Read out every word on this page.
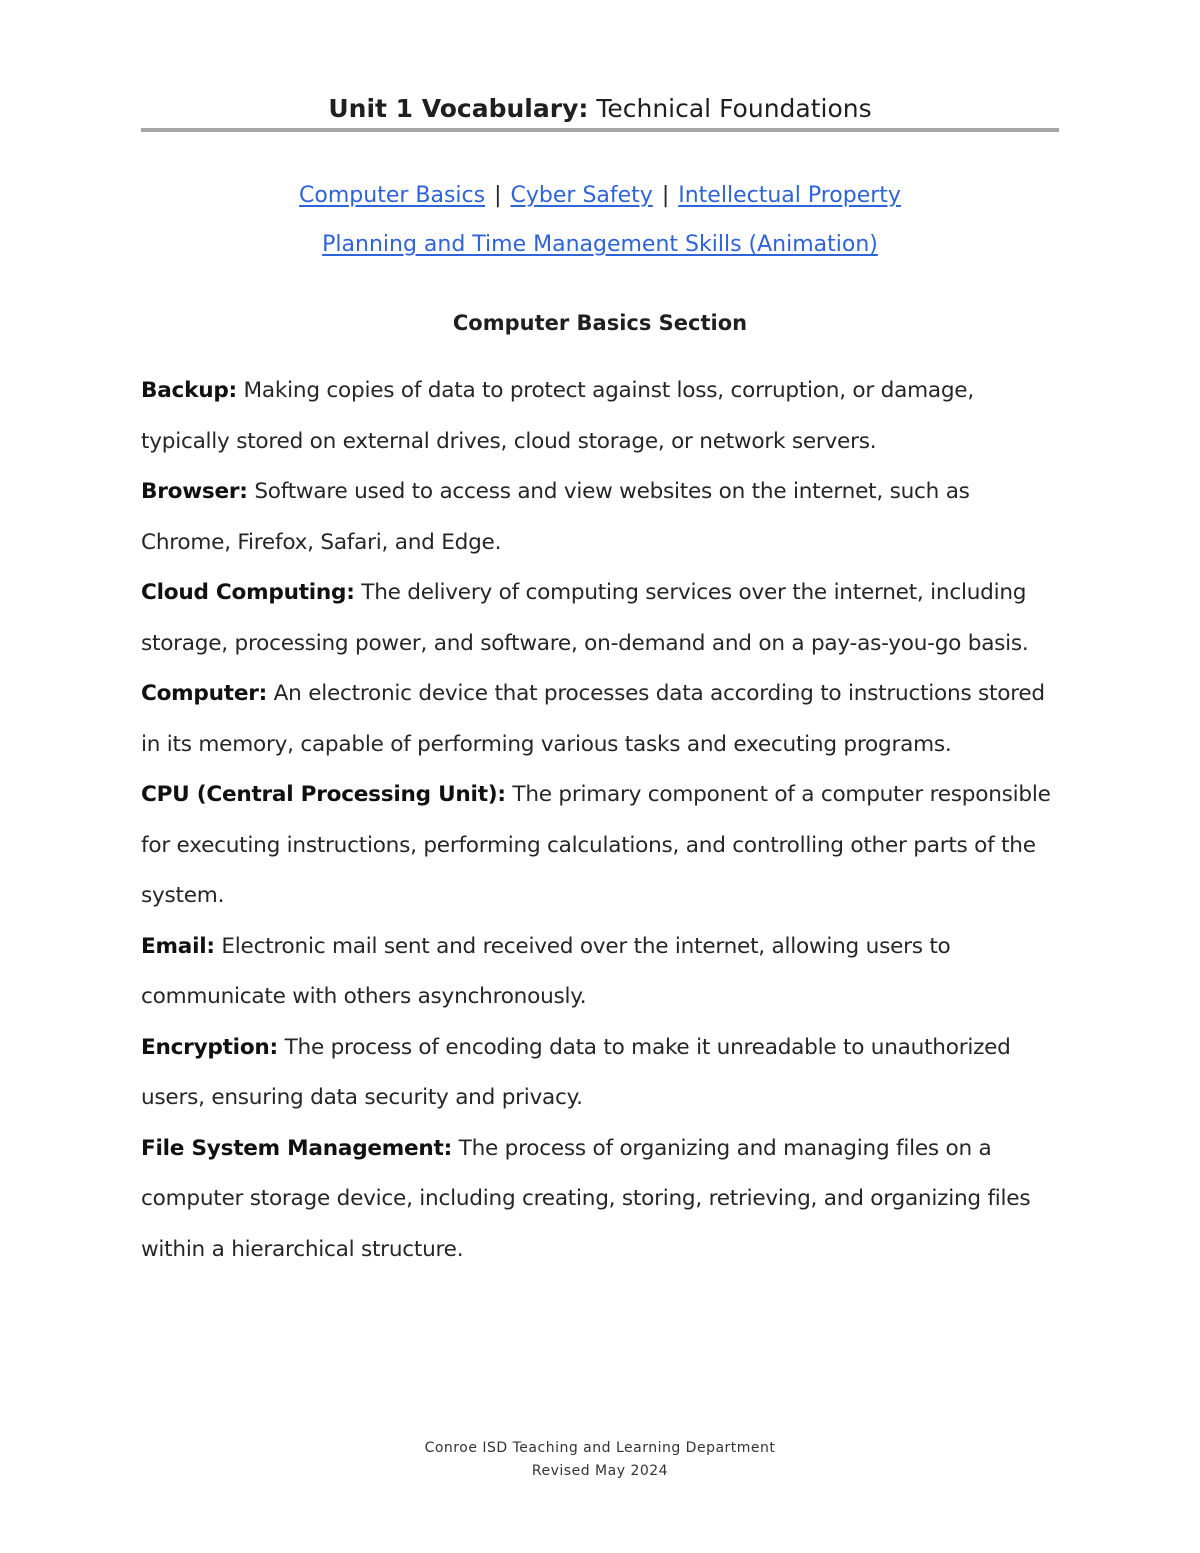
Unit 1 Vocabulary: Technical Foundations
Computer Basics | Cyber Safety | Intellectual Property
Planning and Time Management Skills (Animation)
Computer Basics Section

Backup: Making copies of data to protect against loss, corruption, or damage, typically stored on external drives, cloud storage, or network servers.

Browser: Software used to access and view websites on the internet, such as Chrome, Firefox, Safari, and Edge.

Cloud Computing: The delivery of computing services over the internet, including storage, processing power, and software, on-demand and on a pay-as-you-go basis.

Computer: An electronic device that processes data according to instructions stored in its memory, capable of performing various tasks and executing programs.

CPU (Central Processing Unit): The primary component of a computer responsible for executing instructions, performing calculations, and controlling other parts of the system.

Email: Electronic mail sent and received over the internet, allowing users to communicate with others asynchronously.

Encryption: The process of encoding data to make it unreadable to unauthorized users, ensuring data security and privacy.

File System Management: The process of organizing and managing files on a computer storage device, including creating, storing, retrieving, and organizing files within a hierarchical structure.

Conroe ISD Teaching and Learning Department
Revised May 2024
